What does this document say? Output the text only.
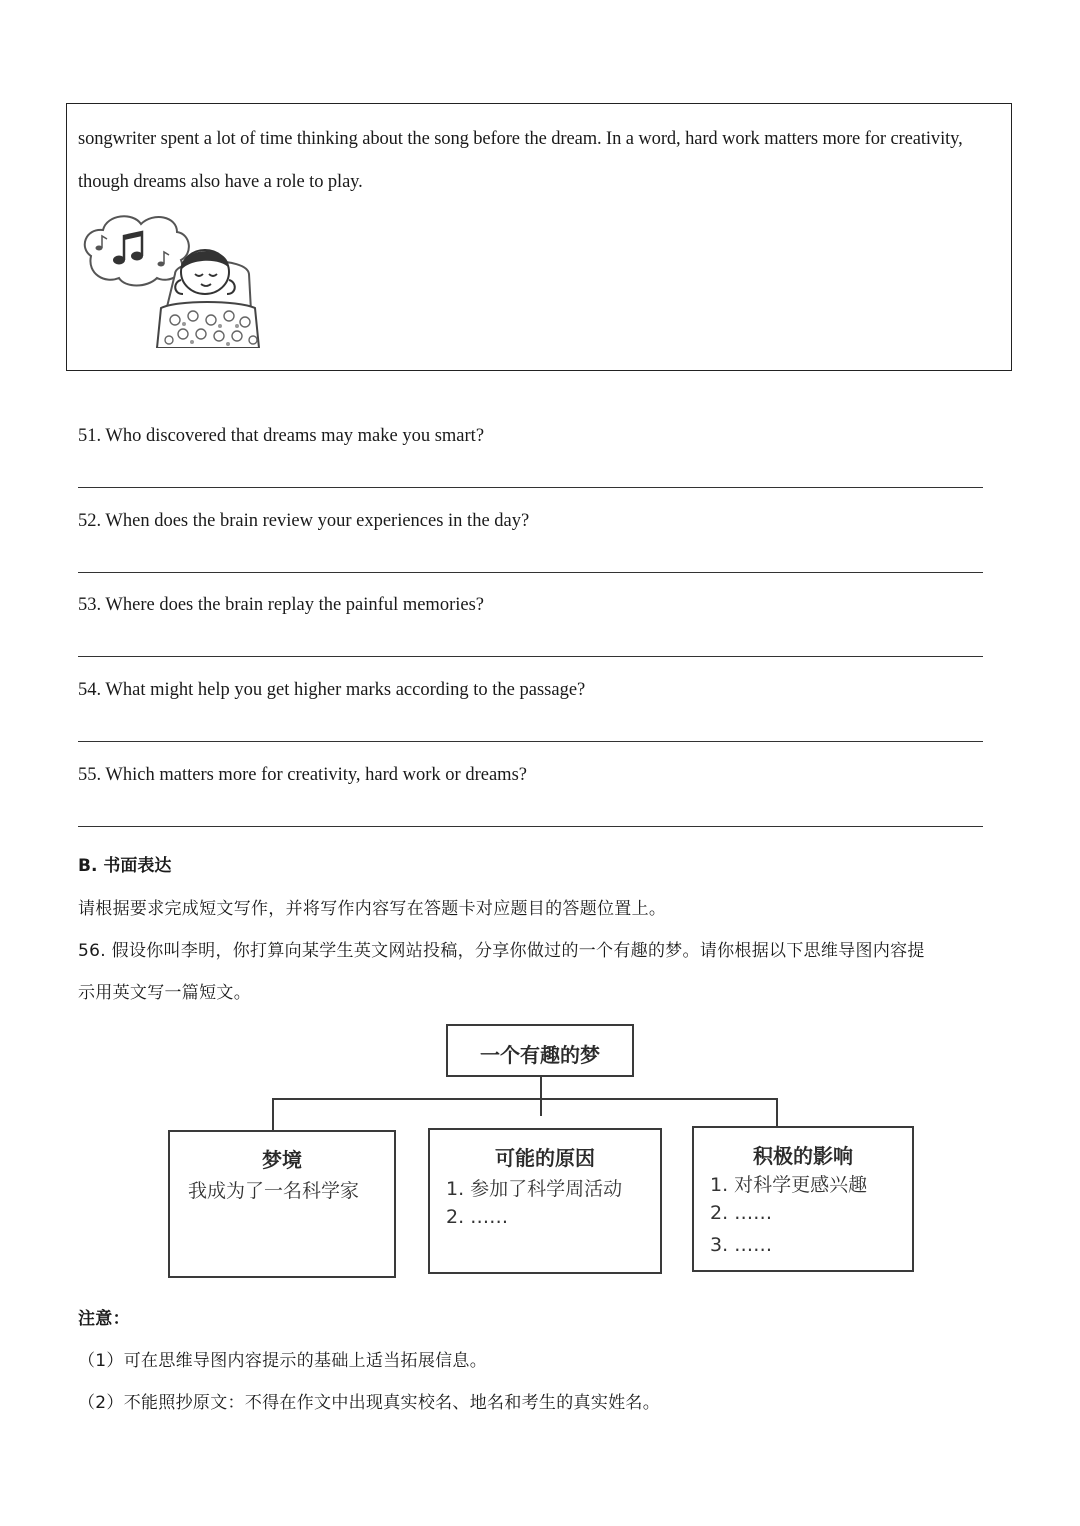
songwriter spent a lot of time thinking about the song before the dream. In a word, hard work matters more for creativity,

though dreams also have a role to play.

51. Who discovered that dreams may make you smart?
52. When does the brain review your experiences in the day?
53. Where does the brain replay the painful memories?
54. What might help you get higher marks according to the passage?
55. Which matters more for creativity, hard work or dreams?
B. 书面表达
请根据要求完成短文写作，并将写作内容写在答题卡对应题目的答题位置上。
56. 假设你叫李明，你打算向某学生英文网站投稿，分享你做过的一个有趣的梦。请你根据以下思维导图内容提
示用英文写一篇短文。
一个有趣的梦
梦境
我成为了一名科学家
可能的原因
1. 参加了科学周活动
2. ……
积极的影响
1. 对科学更感兴趣
2. ……
3. ……
注意：
（1）可在思维导图内容提示的基础上适当拓展信息。
（2）不能照抄原文：不得在作文中出现真实校名、地名和考生的真实姓名。
